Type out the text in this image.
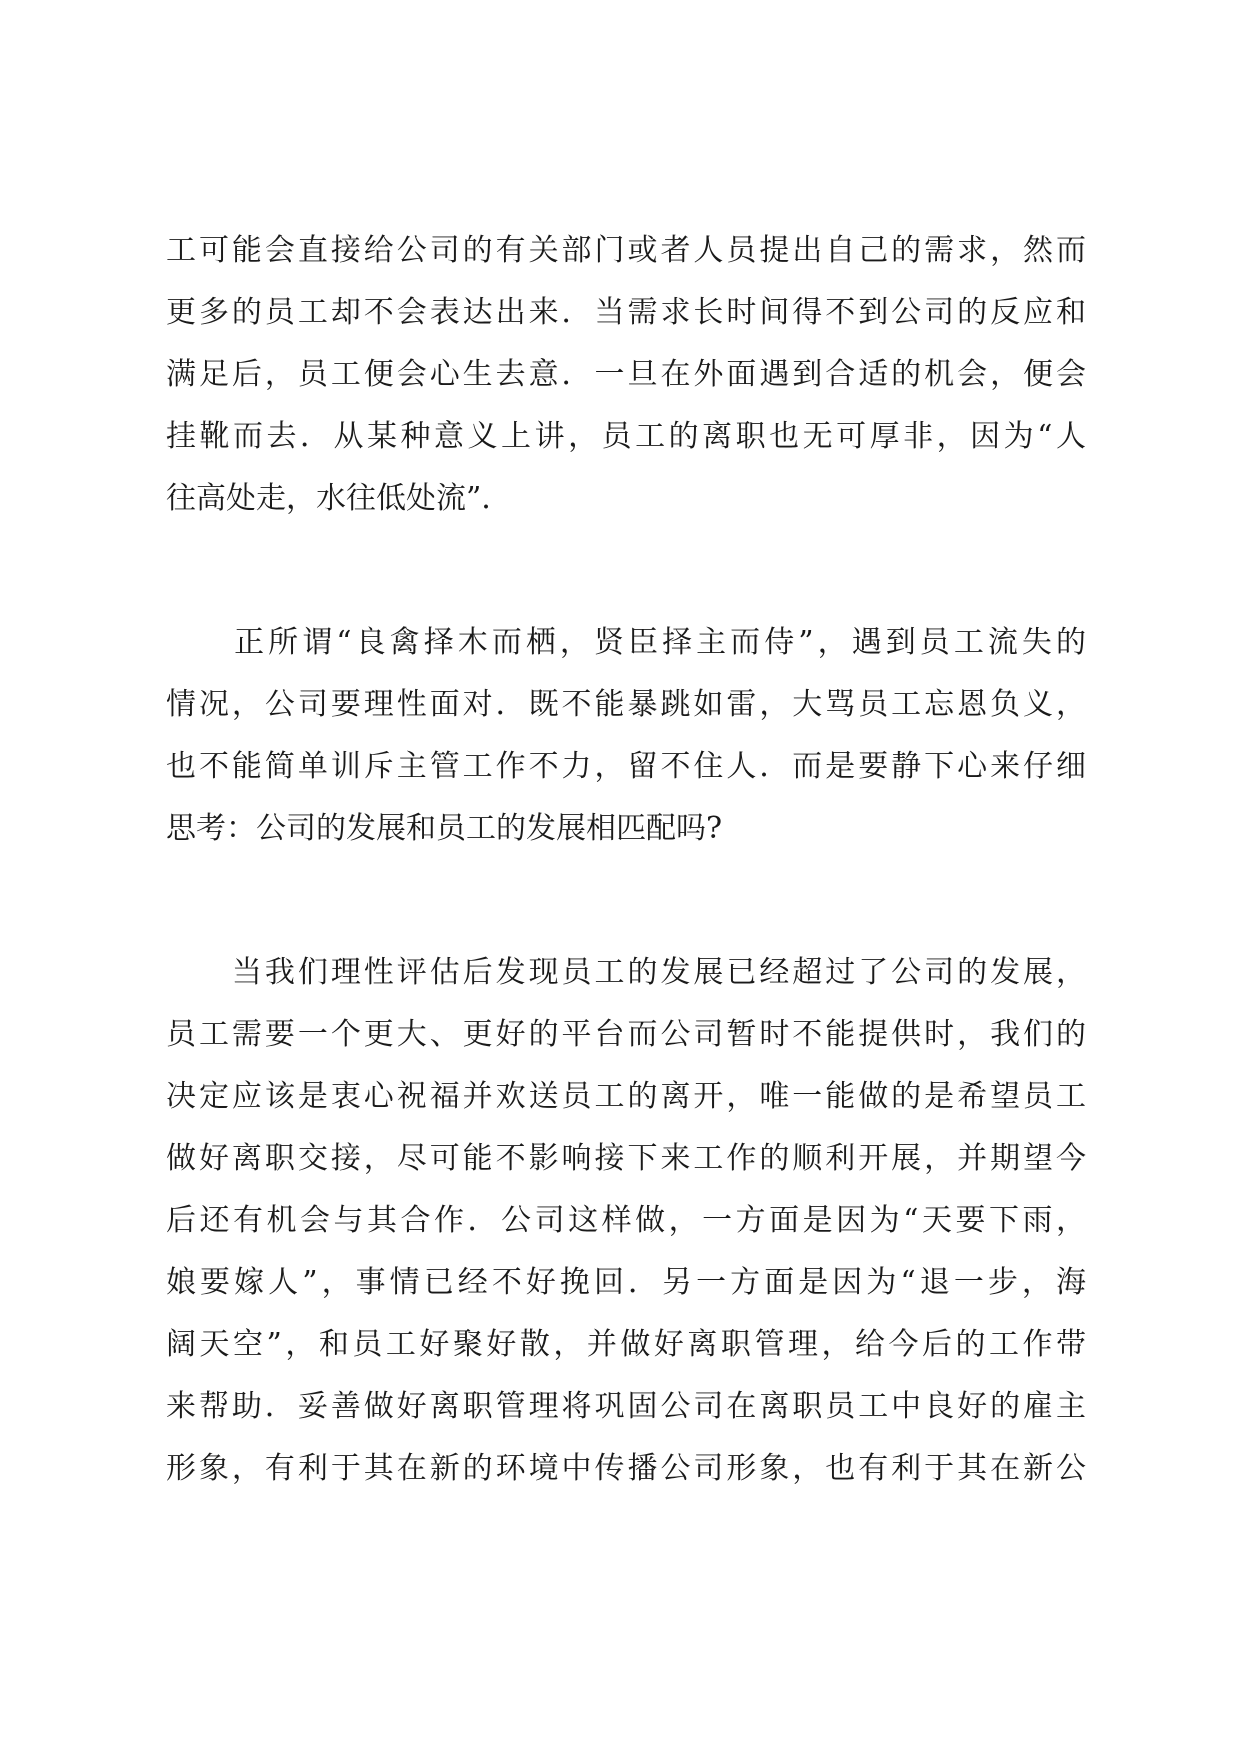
工可能会直接给公司的有关部门或者人员提出自己的需求，然而
更多的员工却不会表达出来．当需求长时间得不到公司的反应和
满足后，员工便会心生去意．一旦在外面遇到合适的机会，便会
挂靴而去．从某种意义上讲，员工的离职也无可厚非，因为“人
往高处走，水往低处流”．
　　正所谓“良禽择木而栖，贤臣择主而侍”，遇到员工流失的
情况，公司要理性面对．既不能暴跳如雷，大骂员工忘恩负义，
也不能简单训斥主管工作不力，留不住人．而是要静下心来仔细
思考：公司的发展和员工的发展相匹配吗?
　　当我们理性评估后发现员工的发展已经超过了公司的发展，
员工需要一个更大、更好的平台而公司暂时不能提供时，我们的
决定应该是衷心祝福并欢送员工的离开，唯一能做的是希望员工
做好离职交接，尽可能不影响接下来工作的顺利开展，并期望今
后还有机会与其合作．公司这样做，一方面是因为“天要下雨，
娘要嫁人”，事情已经不好挽回．另一方面是因为“退一步，海
阔天空”，和员工好聚好散，并做好离职管理，给今后的工作带
来帮助．妥善做好离职管理将巩固公司在离职员工中良好的雇主
形象，有利于其在新的环境中传播公司形象，也有利于其在新公
